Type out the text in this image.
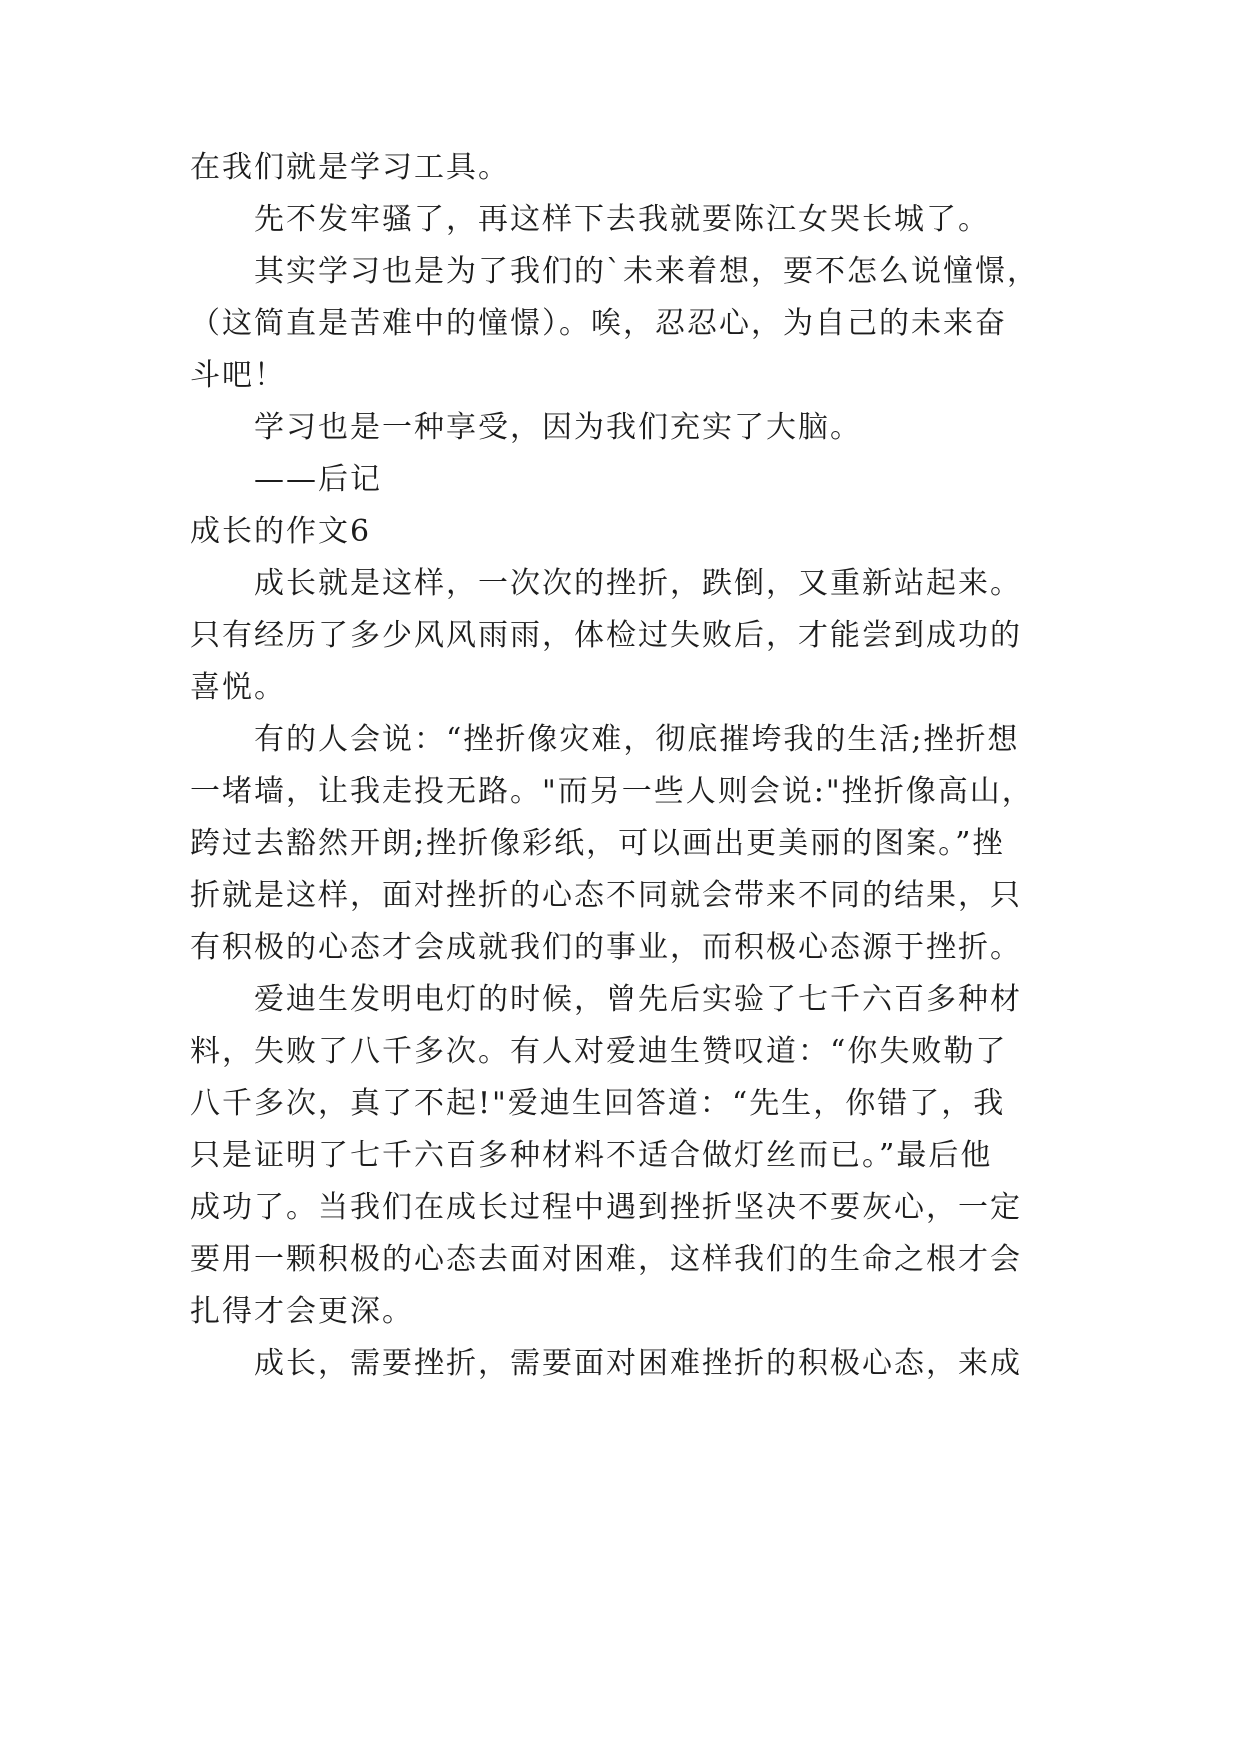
在我们就是学习工具。
先不发牢骚了，再这样下去我就要陈江女哭长城了。
其实学习也是为了我们的`未来着想，要不怎么说憧憬，
（这简直是苦难中的憧憬）。唉，忍忍心，为自己的未来奋
斗吧！
学习也是一种享受，因为我们充实了大脑。
——后记
成长的作文6
成长就是这样，一次次的挫折，跌倒，又重新站起来。
只有经历了多少风风雨雨，体检过失败后，才能尝到成功的
喜悦。
有的人会说：“挫折像灾难，彻底摧垮我的生活;挫折想
一堵墙，让我走投无路。"而另一些人则会说:"挫折像高山，
跨过去豁然开朗;挫折像彩纸，可以画出更美丽的图案。”挫
折就是这样，面对挫折的心态不同就会带来不同的结果，只
有积极的心态才会成就我们的事业，而积极心态源于挫折。
爱迪生发明电灯的时候，曾先后实验了七千六百多种材
料，失败了八千多次。有人对爱迪生赞叹道：“你失败勒了
八千多次，真了不起!"爱迪生回答道：“先生，你错了，我
只是证明了七千六百多种材料不适合做灯丝而已。”最后他
成功了。当我们在成长过程中遇到挫折坚决不要灰心，一定
要用一颗积极的心态去面对困难，这样我们的生命之根才会
扎得才会更深。
成长，需要挫折，需要面对困难挫折的积极心态，来成
